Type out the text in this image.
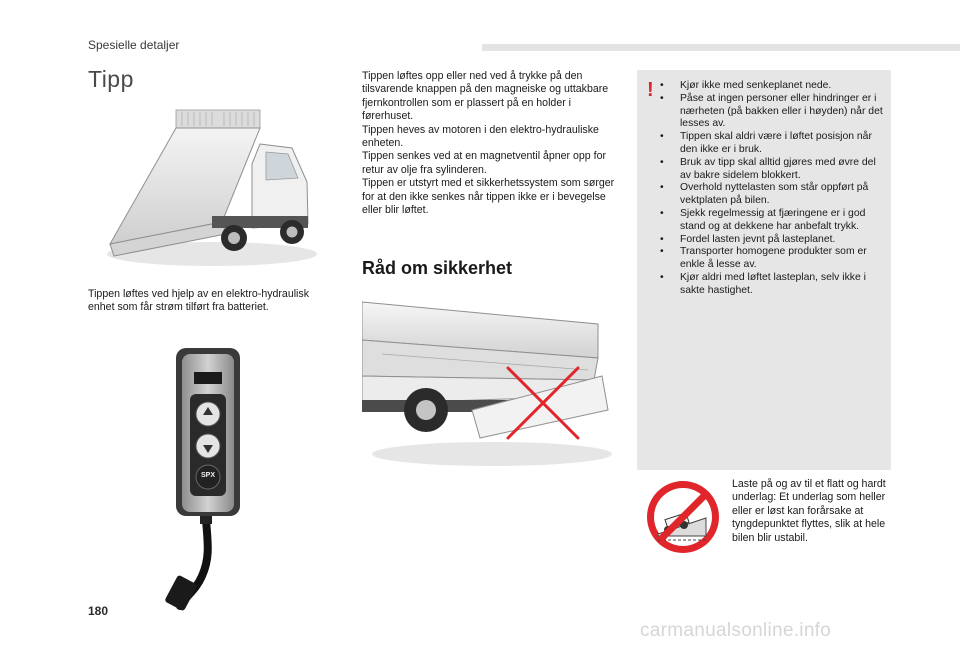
Spesielle detaljer
Tipp
Tippen løftes ved hjelp av en elektro-hydraulisk enhet som får strøm tilført fra batteriet.
SPX
Tippen løftes opp eller ned ved å trykke på den tilsvarende knappen på den magneiske og uttakbare fjernkontrollen som er plassert på en holder i førerhuset.
Tippen heves av motoren i den elektro-hydrauliske enheten.
Tippen senkes ved at en magnetventil åpner opp for retur av olje fra sylinderen.
Tippen er utstyrt med et sikkerhetssystem som sørger for at den ikke senkes når tippen ikke er i bevegelse eller blir løftet.
Råd om sikkerhet
!
•	Kjør ikke med senkeplanet nede.
• Påse at ingen personer eller hindringer er i nærheten (på bakken eller i høyden) når det lesses av.
• Tippen skal aldri være i løftet posisjon når den ikke er i bruk.
• Bruk av tipp skal alltid gjøres med øvre del av bakre sidelem blokkert.
• Overhold nyttelasten som står oppført på vektplaten på bilen.
• Sjekk regelmessig at fjæringene er i god stand og at dekkene har anbefalt trykk.
• Fordel lasten jevnt på lasteplanet.
• Transporter homogene produkter som er enkle å lesse av.
• Kjør aldri med løftet lasteplan, selv ikke i sakte hastighet.
Laste på og av til et flatt og hardt underlag: Et underlag som heller eller er løst kan forårsake at tyngdepunktet flyttes, slik at hele bilen blir ustabil.
180
carmanualsonline.info
